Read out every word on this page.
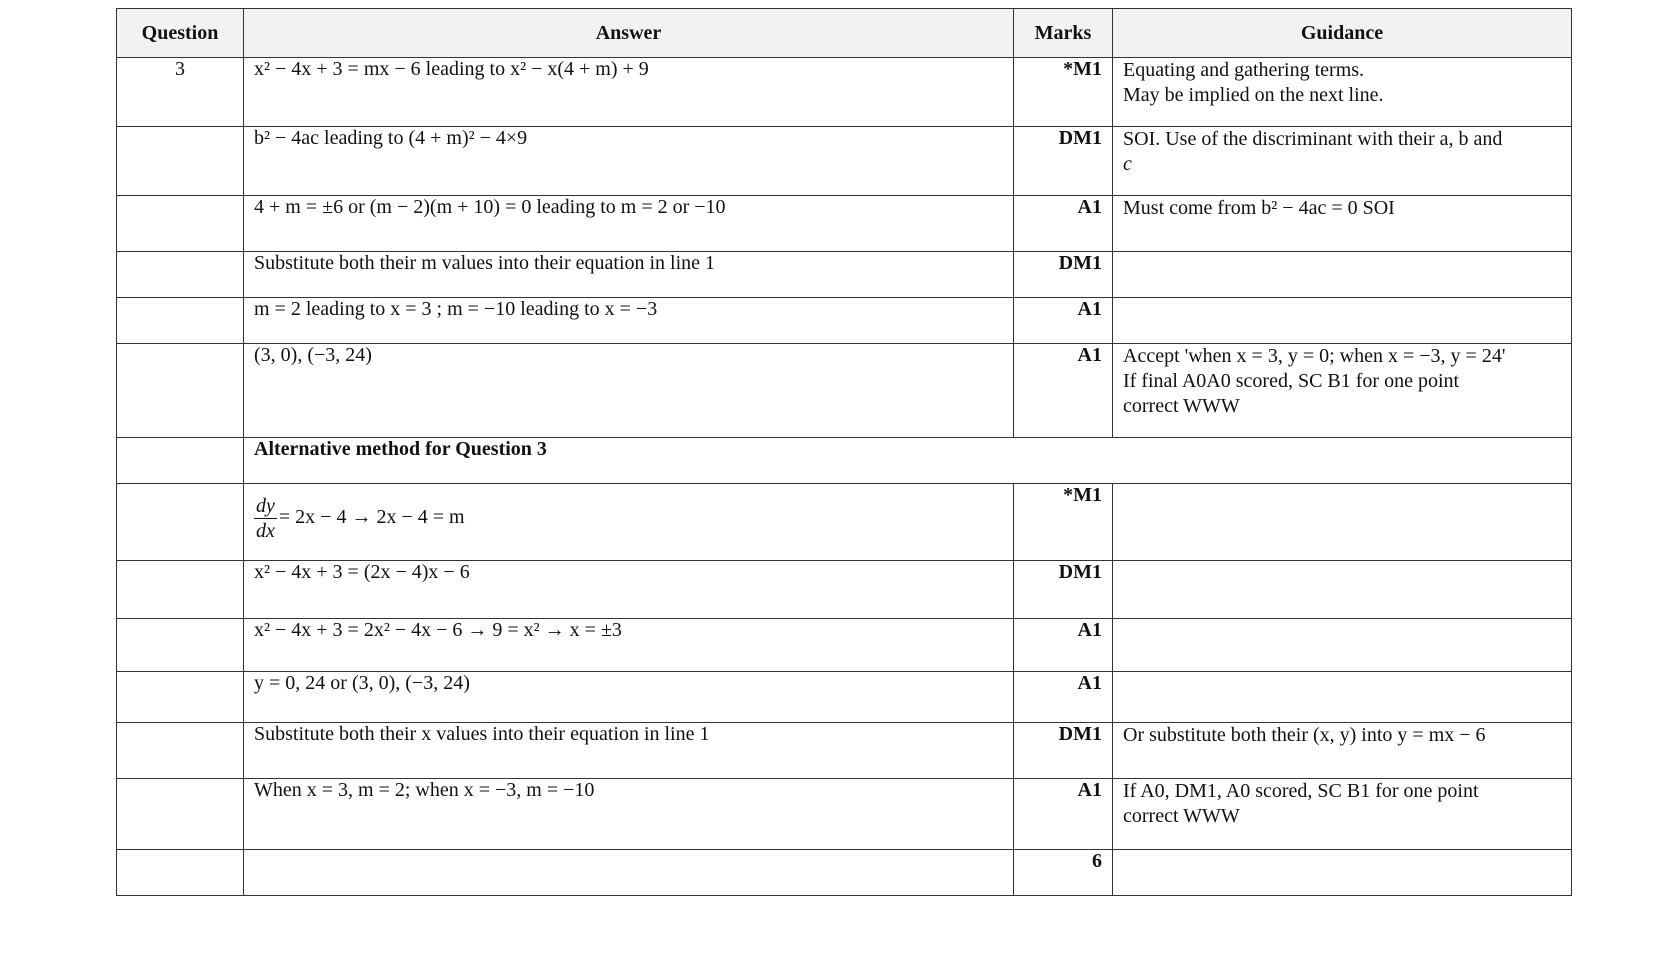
Question	Answer	Marks	Guidance
3	x² − 4x + 3 = mx − 6 leading to x² − x(4 + m) + 9	*M1	Equating and gathering terms.
May be implied on the next line.

	b² − 4ac leading to (4 + m)² − 4×9	DM1	SOI. Use of the discriminant with their a, b and
c

	4 + m = ±6 or (m − 2)(m + 10) = 0 leading to m = 2 or −10	A1	Must come from b² − 4ac = 0 SOI

	Substitute both their m values into their equation in line 1	DM1	
	m = 2 leading to x = 3 ; m = −10 leading to x = −3	A1	
	(3, 0), (−3, 24)	A1	Accept 'when x = 3, y = 0; when x = −3, y = 24'
If final A0A0 scored, SC B1 for one point
correct WWW

	Alternative method for Question 3		

	$\frac{dy}{dx} = 2x - 4 \to 2x - 4 = m$	*M1	
	x² − 4x + 3 = (2x − 4)x − 6	DM1	
	x² − 4x + 3 = 2x² − 4x − 6 → 9 = x² → x = ±3	A1	
	y = 0, 24 or (3, 0), (−3, 24)	A1	
	Substitute both their x values into their equation in line 1	DM1	Or substitute both their (x, y) into y = mx − 6

	When x = 3, m = 2; when x = −3, m = −10	A1	If A0, DM1, A0 scored, SC B1 for one point
correct WWW

		6	
